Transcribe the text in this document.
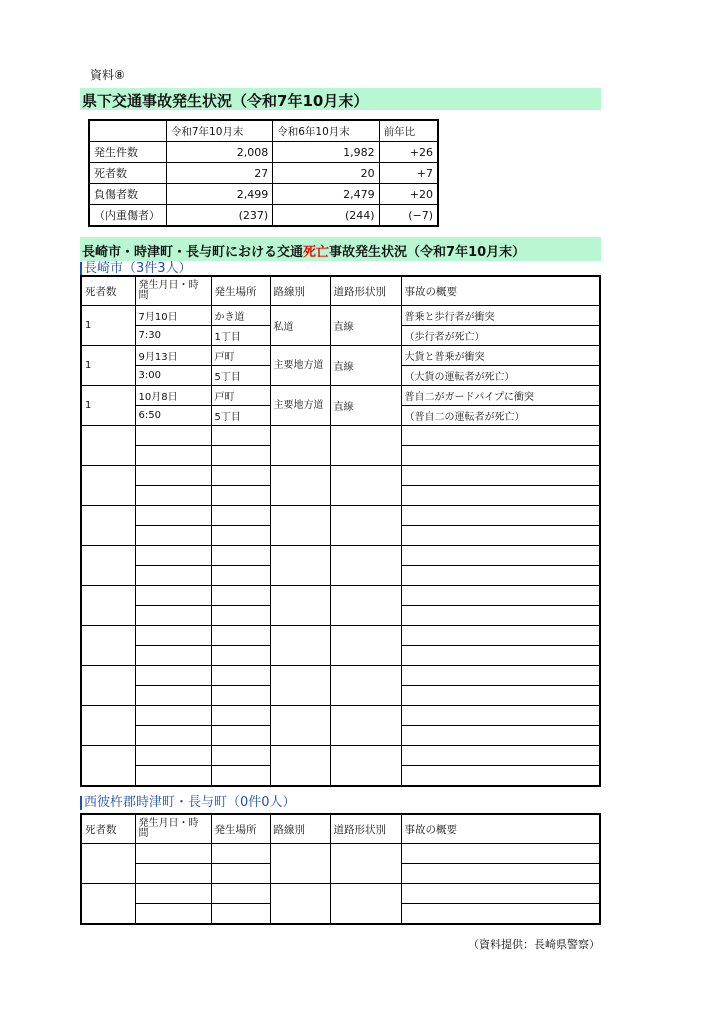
資料⑧
県下交通事故発生状況（令和7年10月末）
	令和7年10月末	令和6年10月末	前年比
発生件数	2,008	1,982	+26
死者数	27	20	+7
負傷者数	2,499	2,479	+20
（内重傷者）	(237)	(244)	(−7)
長崎市・時津町・長与町における交通死亡事故発生状況（令和7年10月末）
長崎市（3件3人）
死者数	発生月日・時間	発生場所	路線別	道路形状別	事故の概要
1	7月10日	かき道	私道	直線	普乗と歩行者が衝突
	7:30	1丁目			（歩行者が死亡）
1	9月13日	戸町	主要地方道	直線	大貨と普乗が衝突
	3:00	5丁目			（大貨の運転者が死亡）
1	10月8日	戸町	主要地方道	直線	普自二がガードパイプに衝突
	6:50	5丁目			（普自二の運転者が死亡）

西彼杵郡時津町・長与町（0件0人）
死者数	発生月日・時間	発生場所	路線別	道路形状別	事故の概要

（資料提供：長崎県警察）
